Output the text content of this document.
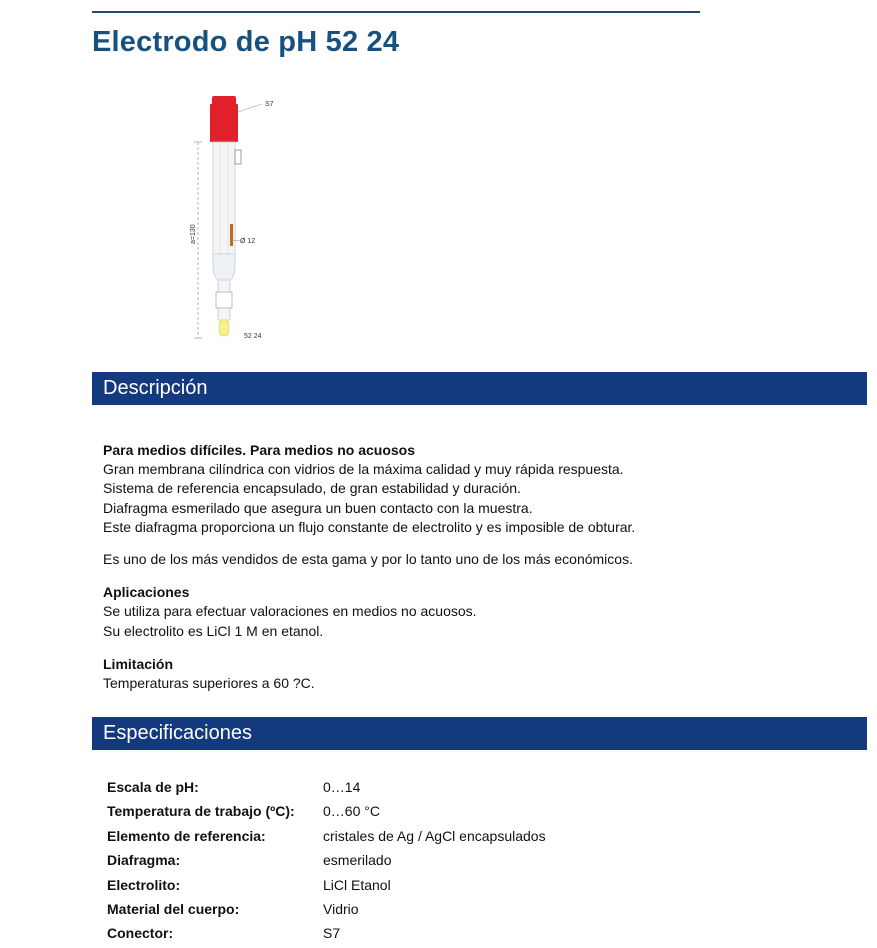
Electrodo de pH 52 24
S7
Ø 12
a=130
52 24
Descripción

Para medios difíciles. Para medios no acuosos

Gran membrana cilíndrica con vidrios de la máxima calidad y muy rápida respuesta.

Sistema de referencia encapsulado, de gran estabilidad y duración.

Diafragma esmerilado que asegura un buen contacto con la muestra.

Este diafragma proporciona un flujo constante de electrolito y es imposible de obturar.

Es uno de los más vendidos de esta gama y por lo tanto uno de los más económicos.

Aplicaciones

Se utiliza para efectuar valoraciones en medios no acuosos.

Su electrolito es LiCl 1 M en etanol.

Limitación

Temperaturas superiores a 60 ?C.

Especificaciones
Escala de pH:	0…14
Temperatura de trabajo (ºC): 0…60 °C
Elemento de referencia:	cristales de Ag / AgCl encapsulados
Diafragma:	esmerilado
Electrolito:	LiCl Etanol
Material del cuerpo:	Vidrio
Conector:	S7
